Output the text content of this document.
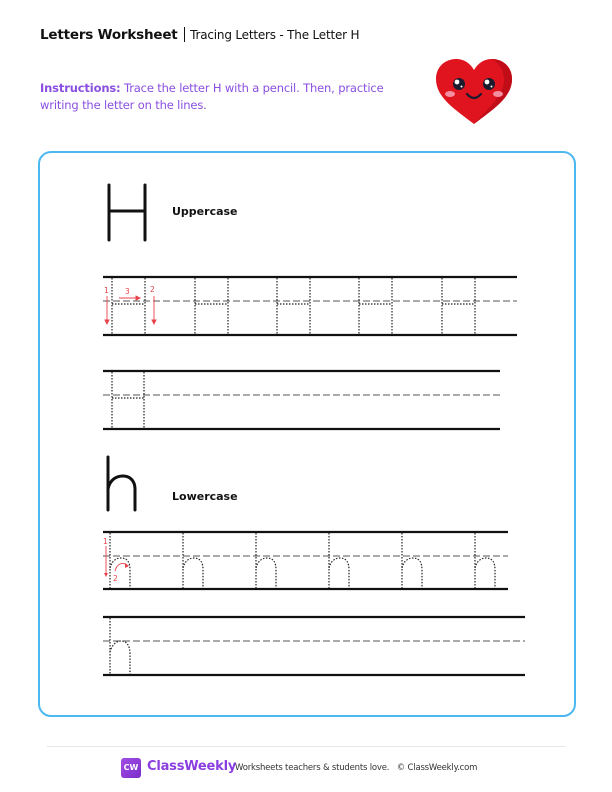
Letters Worksheet Tracing Letters - The Letter H
Instructions: Trace the letter H with a pencil. Then, practice writing the letter on the lines.
Uppercase
1	2
3
Lowercase
1
2
CW ClassWeekly
Worksheets teachers & students love. © ClassWeekly.com
